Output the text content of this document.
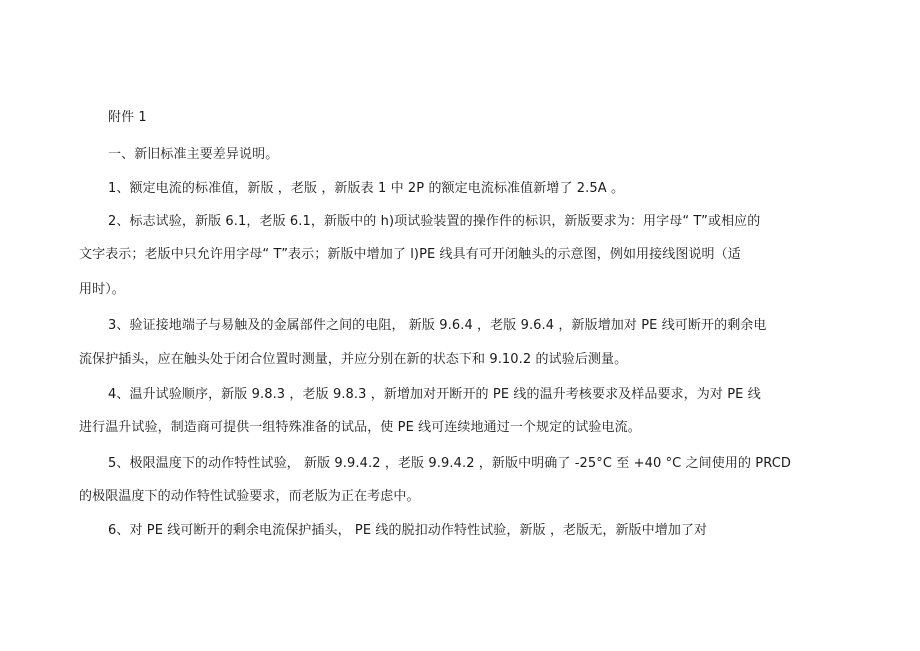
附件 1
一、新旧标准主要差异说明。
1、额定电流的标准值，新版 ，老版 ，新版表 1 中 2P 的额定电流标准值新增了 2.5A 。
2、标志试验，新版 6.1，老版 6.1，新版中的 h)项试验装置的操作件的标识，新版要求为：用字母“ T”或相应的
文字表示；老版中只允许用字母“ T”表示；新版中增加了 l)PE 线具有可开闭触头的示意图，例如用接线图说明（适
用时）。
3、验证接地端子与易触及的金属部件之间的电阻， 新版 9.6.4 ，老版 9.6.4 ，新版增加对 PE 线可断开的剩余电
流保护插头，应在触头处于闭合位置时测量，并应分别在新的状态下和 9.10.2 的试验后测量。
4、温升试验顺序，新版 9.8.3 ，老版 9.8.3 ，新增加对开断开的 PE 线的温升考核要求及样品要求，为对 PE 线
进行温升试验，制造商可提供一组特殊准备的试品，使 PE 线可连续地通过一个规定的试验电流。
5、极限温度下的动作特性试验， 新版 9.9.4.2 ，老版 9.9.4.2 ，新版中明确了 -25°C 至 +40 °C 之间使用的 PRCD
的极限温度下的动作特性试验要求，而老版为正在考虑中。
6、对 PE 线可断开的剩余电流保护插头， PE 线的脱扣动作特性试验，新版 ，老版无，新版中增加了对
